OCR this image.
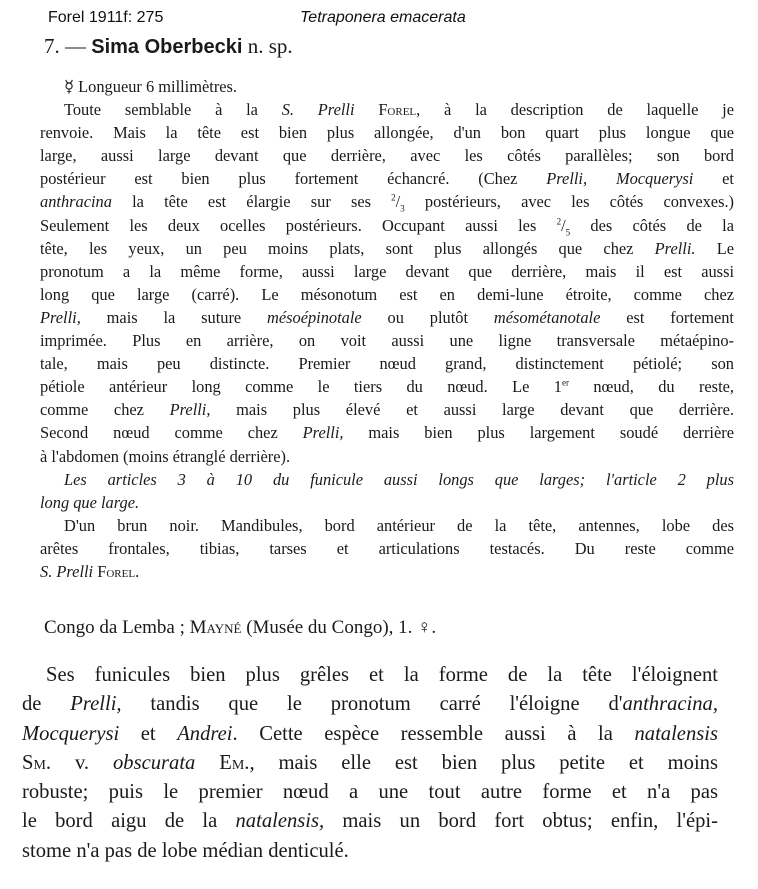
Forel 1911f: 275	Tetraponera emacerata
7. — Sima Oberbecki n. sp.
☿ Longueur 6 millimètres.
Toute semblable à la S. Prelli Forel, à la description de laquelle je
renvoie. Mais la tête est bien plus allongée, d'un bon quart plus longue que
large, aussi large devant que derrière, avec les côtés parallèles; son bord
postérieur est bien plus fortement échancré. (Chez Prelli, Mocquerysi et
anthracina la tête est élargie sur ses $^2/_3$ postérieurs, avec les côtés convexes.)
Seulement les deux ocelles postérieurs. Occupant aussi les $^2/_5$ des côtés de la
tête, les yeux, un peu moins plats, sont plus allongés que chez Prelli. Le
pronotum a la même forme, aussi large devant que derrière, mais il est aussi
long que large (carré). Le mésonotum est en demi-lune étroite, comme chez
Prelli, mais la suture mésoépinotale ou plutôt mésométanotale est fortement
imprimée. Plus en arrière, on voit aussi une ligne transversale métaépino-
tale, mais peu distincte. Premier nœud grand, distinctement pétiolé; son
pétiole antérieur long comme le tiers du nœud. Le 1er nœud, du reste,
comme chez Prelli, mais plus élevé et aussi large devant que derrière.
Second nœud comme chez Prelli, mais bien plus largement soudé derrière
à l'abdomen (moins étranglé derrière).
Les articles 3 à 10 du funicule aussi longs que larges; l'article 2 plus
long que large.
D'un brun noir. Mandibules, bord antérieur de la tête, antennes, lobe des
arêtes frontales, tibias, tarses et articulations testacés. Du reste comme
S. Prelli Forel.
Congo da Lemba ; Mayné (Musée du Congo), 1. ♀.
Ses funicules bien plus grêles et la forme de la tête l'éloignent
de Prelli, tandis que le pronotum carré l'éloigne d'anthracina,
Mocquerysi et Andrei. Cette espèce ressemble aussi à la natalensis
Sm. v. obscurata Em., mais elle est bien plus petite et moins
robuste; puis le premier nœud a une tout autre forme et n'a pas
le bord aigu de la natalensis, mais un bord fort obtus; enfin, l'épi-
stome n'a pas de lobe médian denticulé.
